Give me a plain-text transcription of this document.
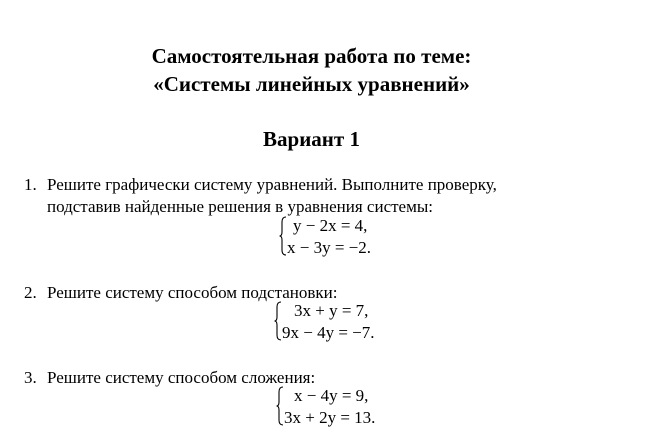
Самостоятельная работа по теме:
«Системы линейных уравнений»
Вариант 1
1. Решите графически систему уравнений. Выполните проверку,
подставив найденные решения в уравнения системы:
y − 2x = 4,
x − 3y = −2.
2. Решите систему способом подстановки:
3x + y = 7,
9x − 4y = −7.
3. Решите систему способом сложения:
x − 4y = 9,
3x + 2y = 13.
